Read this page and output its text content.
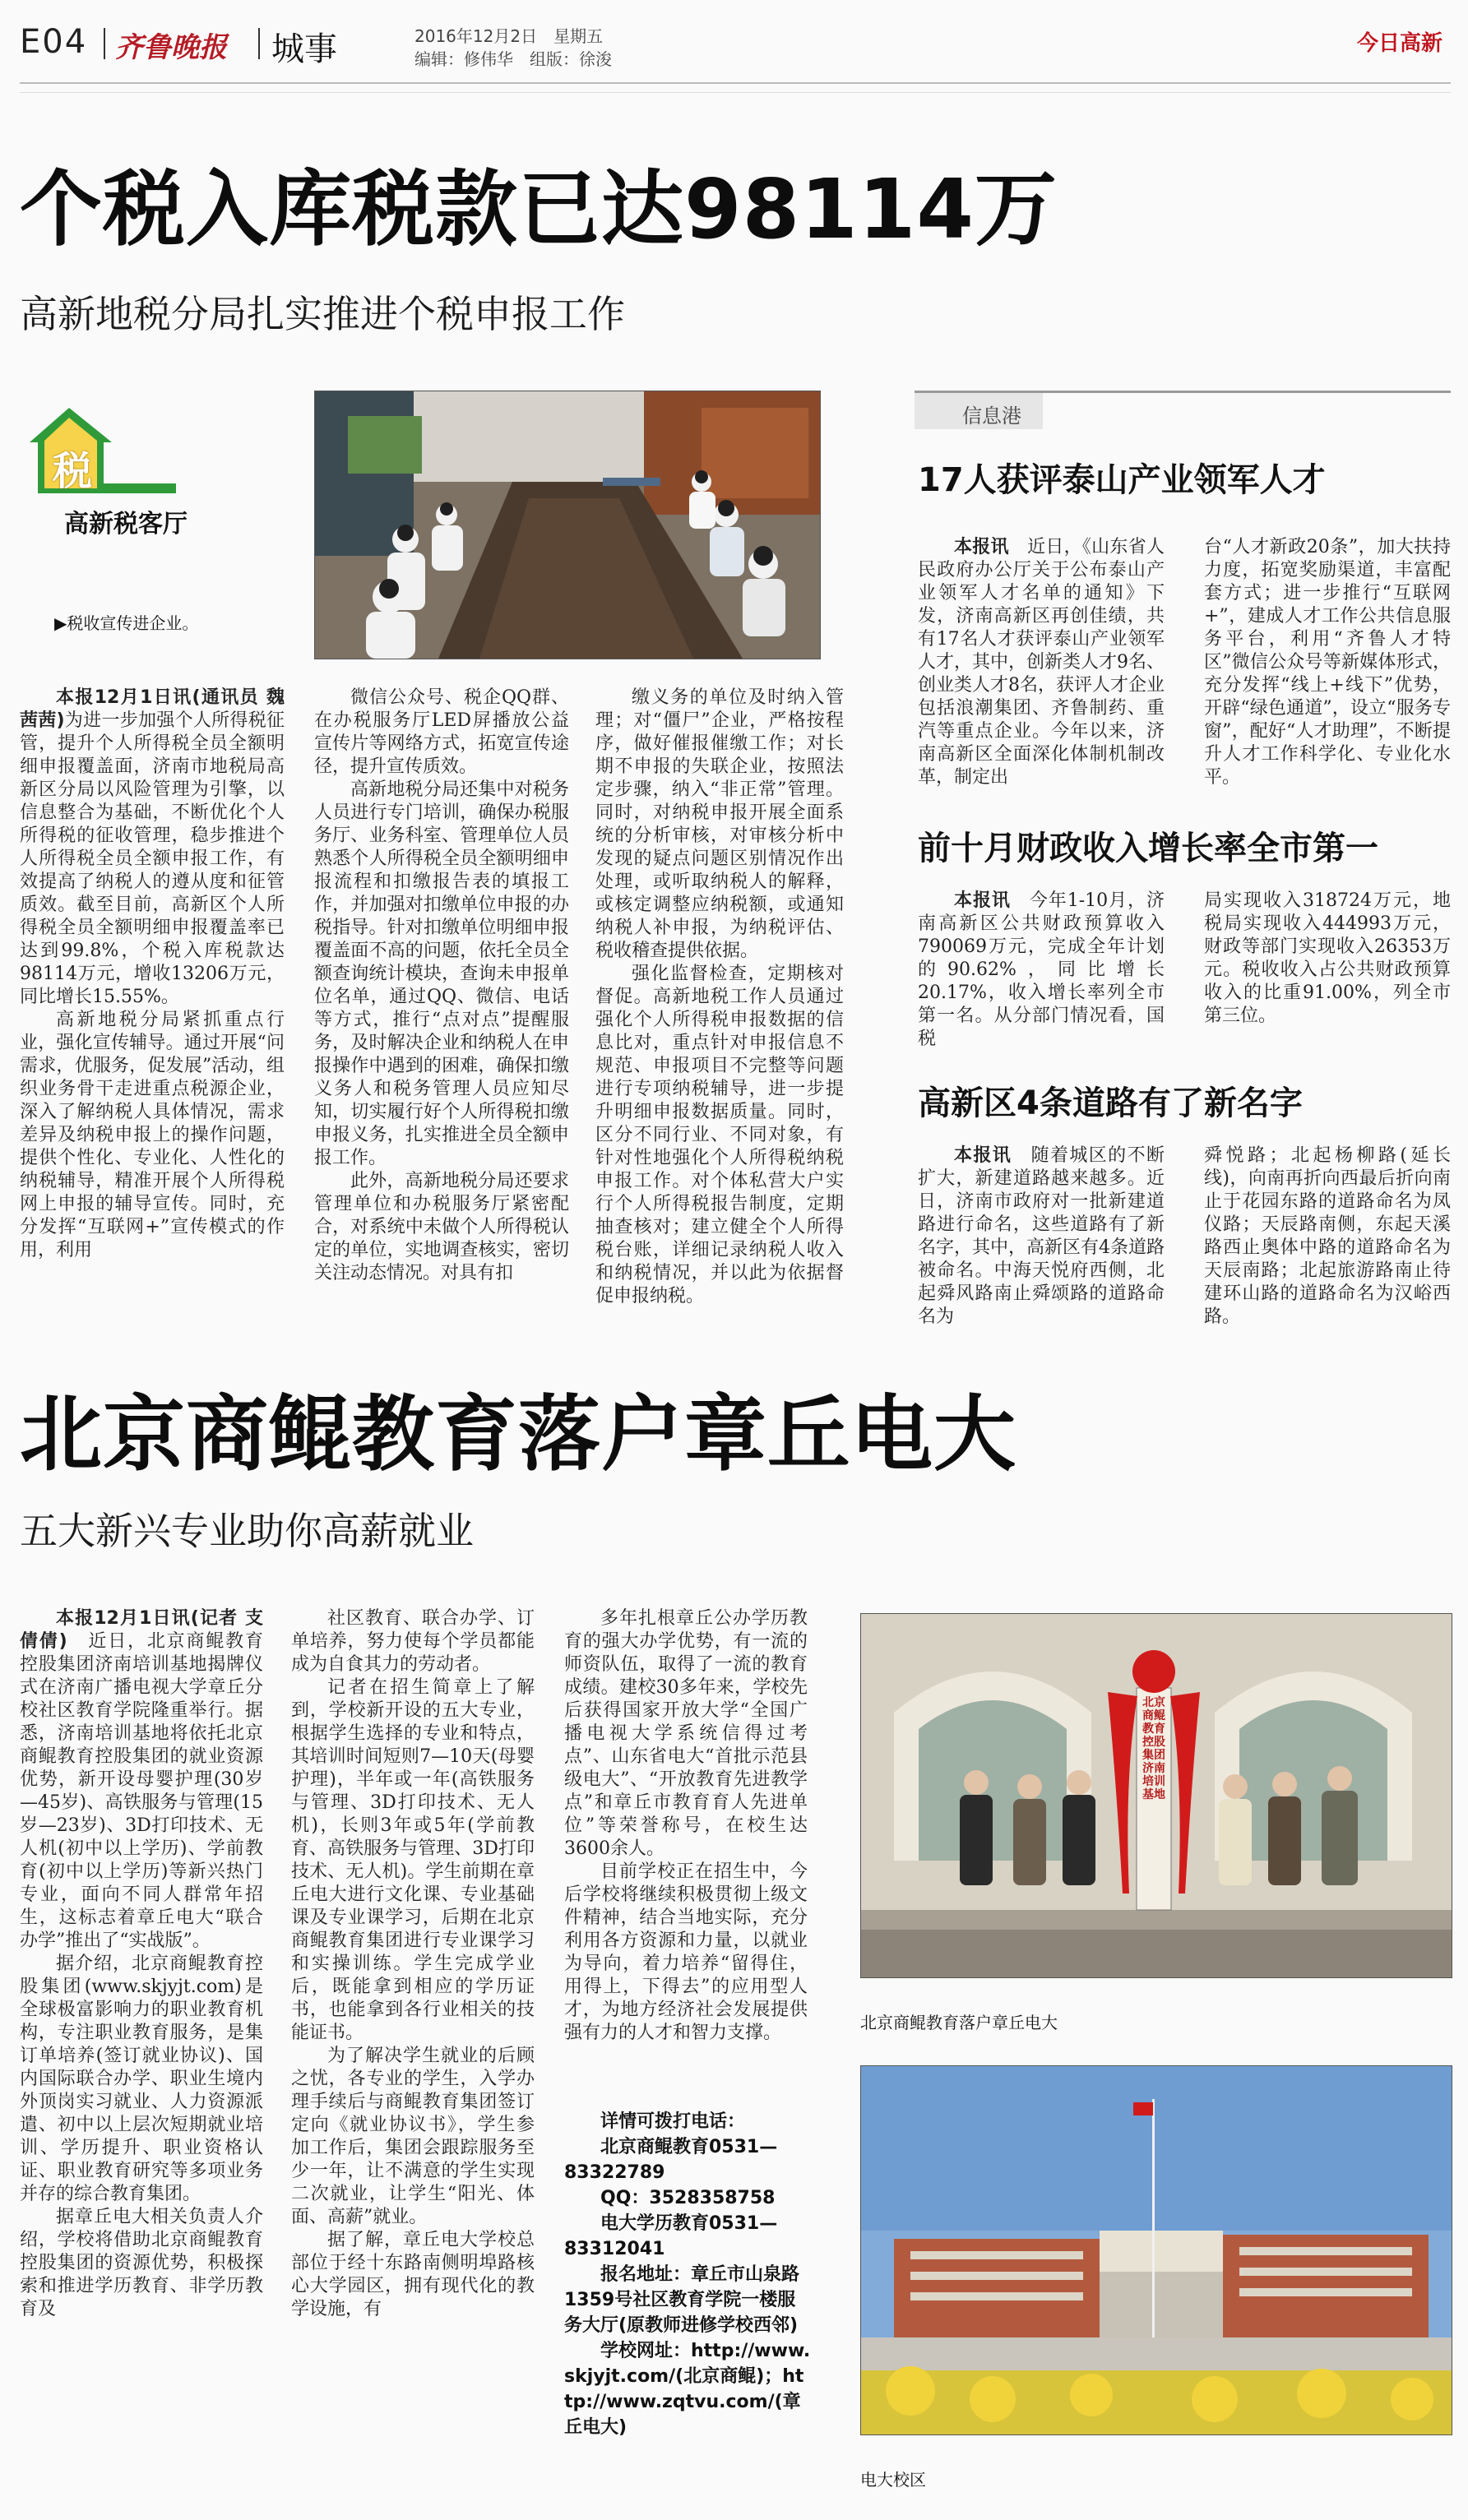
E04 齐鲁晚报 城事	2016年12月2日　星期五
编辑：修伟华　组版：徐浚
今日高新
个税入库税款已达98114万
高新地税分局扎实推进个税申报工作
税
高新税客厅
▶税收宣传进企业。

本报12月1日讯(通讯员 魏茜茜)为进一步加强个人所得税征管，提升个人所得税全员全额明细申报覆盖面，济南市地税局高新区分局以风险管理为引擎，以信息整合为基础，不断优化个人所得税的征收管理，稳步推进个人所得税全员全额申报工作，有效提高了纳税人的遵从度和征管质效。截至目前，高新区个人所得税全员全额明细申报覆盖率已达到99.8%，个税入库税款达98114万元，增收13206万元，同比增长15.55%。

高新地税分局紧抓重点行业，强化宣传辅导。通过开展“问需求，优服务，促发展”活动，组织业务骨干走进重点税源企业，深入了解纳税人具体情况，需求差异及纳税申报上的操作问题，提供个性化、专业化、人性化的纳税辅导，精准开展个人所得税网上申报的辅导宣传。同时，充分发挥“互联网+”宣传模式的作用，利用

微信公众号、税企QQ群、在办税服务厅LED屏播放公益宣传片等网络方式，拓宽宣传途径，提升宣传质效。

高新地税分局还集中对税务人员进行专门培训，确保办税服务厅、业务科室、管理单位人员熟悉个人所得税全员全额明细申报流程和扣缴报告表的填报工作，并加强对扣缴单位申报的办税指导。针对扣缴单位明细申报覆盖面不高的问题，依托全员全额查询统计模块，查询未申报单位名单，通过QQ、微信、电话等方式，推行“点对点”提醒服务，及时解决企业和纳税人在申报操作中遇到的困难，确保扣缴义务人和税务管理人员应知尽知，切实履行好个人所得税扣缴申报义务，扎实推进全员全额申报工作。

此外，高新地税分局还要求管理单位和办税服务厅紧密配合，对系统中未做个人所得税认定的单位，实地调查核实，密切关注动态情况。对具有扣

缴义务的单位及时纳入管理；对“僵尸”企业，严格按程序，做好催报催缴工作；对长期不申报的失联企业，按照法定步骤，纳入“非正常”管理。同时，对纳税申报开展全面系统的分析审核，对审核分析中发现的疑点问题区别情况作出处理，或听取纳税人的解释，或核定调整应纳税额，或通知纳税人补申报，为纳税评估、税收稽查提供依据。

强化监督检查，定期核对督促。高新地税工作人员通过强化个人所得税申报数据的信息比对，重点针对申报信息不规范、申报项目不完整等问题进行专项纳税辅导，进一步提升明细申报数据质量。同时，区分不同行业、不同对象，有针对性地强化个人所得税纳税申报工作。对个体私营大户实行个人所得税报告制度，定期抽查核对；建立健全个人所得税台账，详细记录纳税人收入和纳税情况，并以此为依据督促申报纳税。

信息港
17人获评泰山产业领军人才

本报讯　 近日，《山东省人民政府办公厅关于公布泰山产业领军人才名单的通知》下发，济南高新区再创佳绩，共有17名人才获评泰山产业领军人才，其中，创新类人才9名、创业类人才8名，获评人才企业包括浪潮集团、齐鲁制药、重汽等重点企业。今年以来，济南高新区全面深化体制机制改革，制定出

台“人才新政20条”，加大扶持力度，拓宽奖励渠道，丰富配套方式；进一步推行“互联网+”，建成人才工作公共信息服务平台，利用“齐鲁人才特区”微信公众号等新媒体形式，充分发挥“线上+线下”优势，开辟“绿色通道”，设立“服务专窗”，配好“人才助理”，不断提升人才工作科学化、专业化水平。

前十月财政收入增长率全市第一

本报讯　 今年1-10月，济南高新区公共财政预算收入790069万元，完成全年计划的90.62%，同比增长20.17%，收入增长率列全市第一名。从分部门情况看，国税

局实现收入318724万元，地税局实现收入444993万元，财政等部门实现收入26353万元。税收收入占公共财政预算收入的比重91.00%，列全市第三位。

高新区4条道路有了新名字

本报讯　 随着城区的不断扩大，新建道路越来越多。近日，济南市政府对一批新建道路进行命名，这些道路有了新名字，其中，高新区有4条道路被命名。中海天悦府西侧，北起舜风路南止舜颂路的道路命名为

舜悦路；北起杨柳路(延长线)，向南再折向西最后折向南止于花园东路的道路命名为凤仪路；天辰路南侧，东起天溪路西止奥体中路的道路命名为天辰南路；北起旅游路南止待建环山路的道路命名为汉峪西路。

北京商鲲教育落户章丘电大
五大新兴专业助你高薪就业

本报12月1日讯(记者 支倩倩)　 近日，北京商鲲教育控股集团济南培训基地揭牌仪式在济南广播电视大学章丘分校社区教育学院隆重举行。据悉，济南培训基地将依托北京商鲲教育控股集团的就业资源优势，新开设母婴护理(30岁—45岁)、高铁服务与管理(15岁—23岁)、3D打印技术、无人机(初中以上学历)、学前教育(初中以上学历)等新兴热门专业，面向不同人群常年招生，这标志着章丘电大“联合办学”推出了“实战版”。

据介绍，北京商鲲教育控股集团(www.skjyjt.com)是全球极富影响力的职业教育机构，专注职业教育服务，是集订单培养(签订就业协议)、国内国际联合办学、职业生境内外顶岗实习就业、人力资源派遣、初中以上层次短期就业培训、学历提升、职业资格认证、职业教育研究等多项业务并存的综合教育集团。

据章丘电大相关负责人介绍，学校将借助北京商鲲教育控股集团的资源优势，积极探索和推进学历教育、非学历教育及

社区教育、联合办学、订单培养，努力使每个学员都能成为自食其力的劳动者。

记者在招生简章上了解到，学校新开设的五大专业，根据学生选择的专业和特点，其培训时间短则7—10天(母婴护理)，半年或一年(高铁服务与管理、3D打印技术、无人机)，长则3年或5年(学前教育、高铁服务与管理、3D打印技术、无人机)。学生前期在章丘电大进行文化课、专业基础课及专业课学习，后期在北京商鲲教育集团进行专业课学习和实操训练。学生完成学业后，既能拿到相应的学历证书，也能拿到各行业相关的技能证书。

为了解决学生就业的后顾之忧，各专业的学生，入学办理手续后与商鲲教育集团签订定向《就业协议书》，学生参加工作后，集团会跟踪服务至少一年，让不满意的学生实现二次就业，让学生“阳光、体面、高薪”就业。

据了解，章丘电大学校总部位于经十东路南侧明埠路核心大学园区，拥有现代化的教学设施，有

多年扎根章丘公办学历教育的强大办学优势，有一流的师资队伍，取得了一流的教育成绩。建校30多年来，学校先后获得国家开放大学“全国广播电视大学系统信得过考点”、山东省电大“首批示范县级电大”、“开放教育先进教学点”和章丘市教育育人先进单位”等荣誉称号，在校生达3600余人。

目前学校正在招生中，今后学校将继续积极贯彻上级文件精神，结合当地实际，充分利用各方资源和力量，以就业为导向，着力培养“留得住，用得上，下得去”的应用型人才，为地方经济社会发展提供强有力的人才和智力支撑。

详情可拨打电话：
北京商鲲教育0531—83322789
QQ：3528358758
电大学历教育0531—83312041
报名地址：章丘市山泉路1359号社区教育学院一楼服务大厅(原教师进修学校西邻)
学校网址：http://www.skjyjt.com/(北京商鲲)；http://www.zqtvu.com/(章丘电大)
北京商鲲教育控股集团济南培训基地
北京商鲲教育落户章丘电大
电大校区
